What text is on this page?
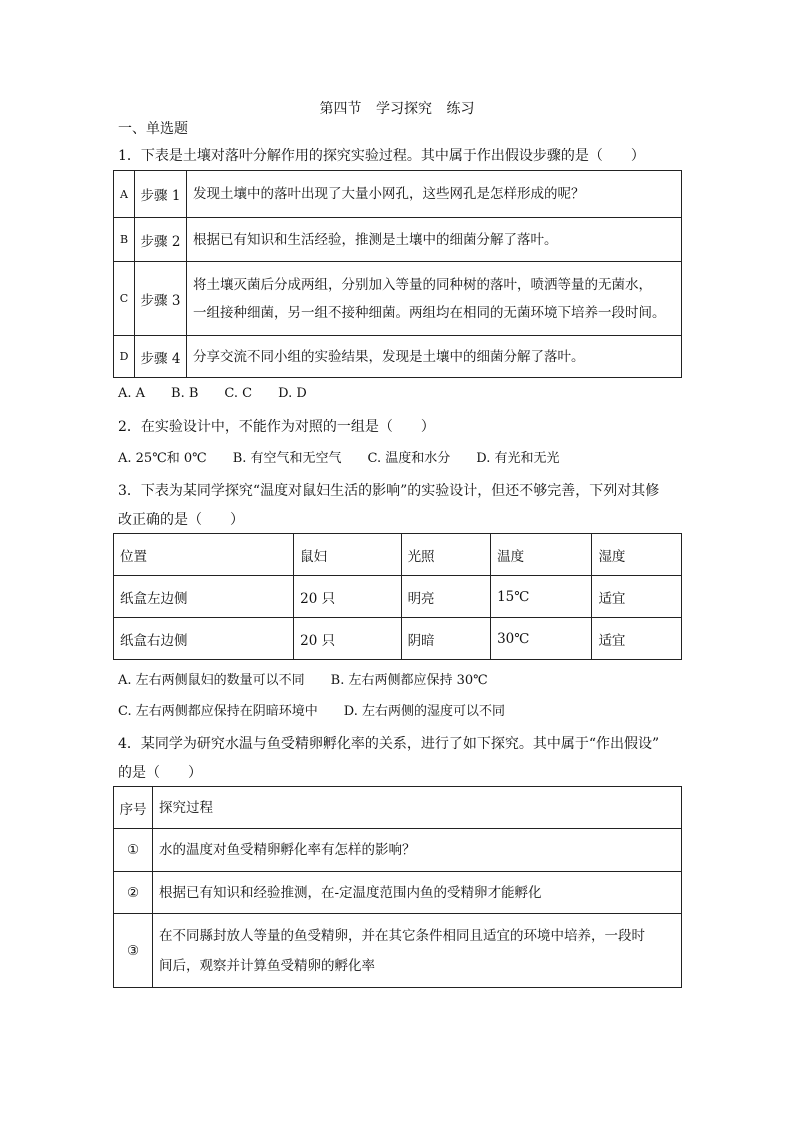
第四节 学习探究 练习
一、单选题
1．下表是土壤对落叶分解作用的探究实验过程。其中属于作出假设步骤的是（　　）
A	步骤 1	发现土壤中的落叶出现了大量小网孔，这些网孔是怎样形成的呢？
B	步骤 2	根据已有知识和生活经验，推测是土壤中的细菌分解了落叶。
C	步骤 3	将土壤灭菌后分成两组，分别加入等量的同种树的落叶，喷洒等量的无菌水，
一组接种细菌，另一组不接种细菌。两组均在相同的无菌环境下培养一段时间。

D	步骤 4	分享交流不同小组的实验结果，发现是土壤中的细菌分解了落叶。
A. A B. B C. C D. D
2．在实验设计中，不能作为对照的一组是（　　）
A. 25℃和 0℃ B. 有空气和无空气 C. 温度和水分 D. 有光和无光
3．下表为某同学探究“温度对鼠妇生活的影响”的实验设计，但还不够完善，下列对其修
改正确的是（　　）
位置	鼠妇	光照	温度	湿度
纸盒左边侧	20 只	明亮	15℃	适宜
纸盒右边侧	20 只	阴暗	30℃	适宜
A. 左右两侧鼠妇的数量可以不同 B. 左右两侧都应保持 30℃
C. 左右两侧都应保持在阴暗环境中 D. 左右两侧的湿度可以不同
4．某同学为研究水温与鱼受精卵孵化率的关系，进行了如下探究。其中属于“作出假设”
的是（　　）
序号	探究过程
①	水的温度对鱼受精卵孵化率有怎样的影响？
②	根据已有知识和经验推测，在-定温度范围内鱼的受精卵才能孵化
③	在不同縣封放人等量的鱼受精卵，并在其它条件相同且适宜的环境中培养，一段时
间后，观察并计算鱼受精卵的孵化率
